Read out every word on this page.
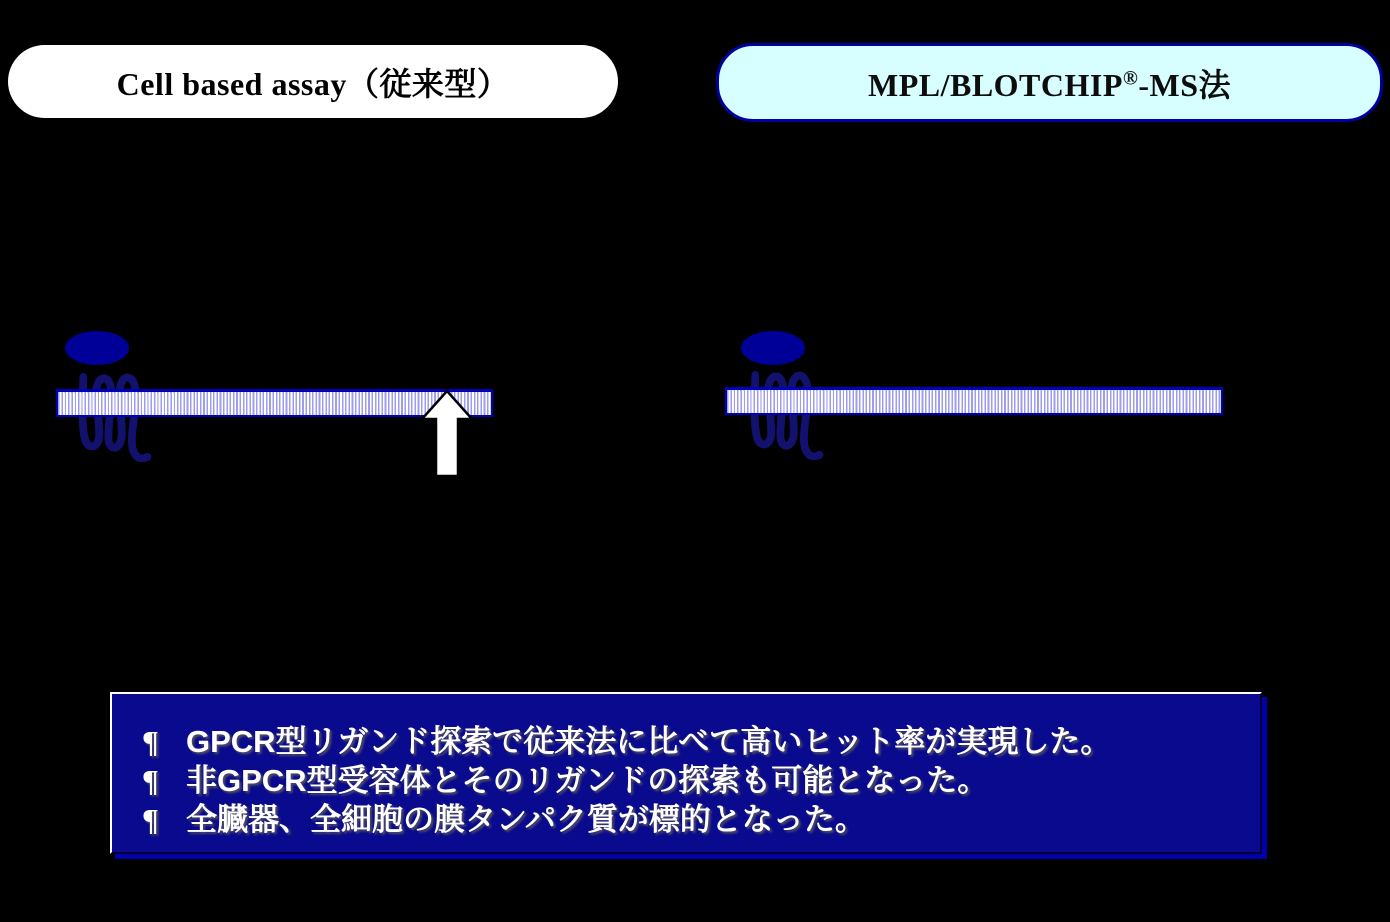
Cell based assay（従来型）	MPL/BLOTCHIP®-MS法
¶ GPCR型リガンド探索で従来法に比べて高いヒット率が実現した。
¶ 非GPCR型受容体とそのリガンドの探索も可能となった。
¶ 全臓器、全細胞の膜タンパク質が標的となった。
